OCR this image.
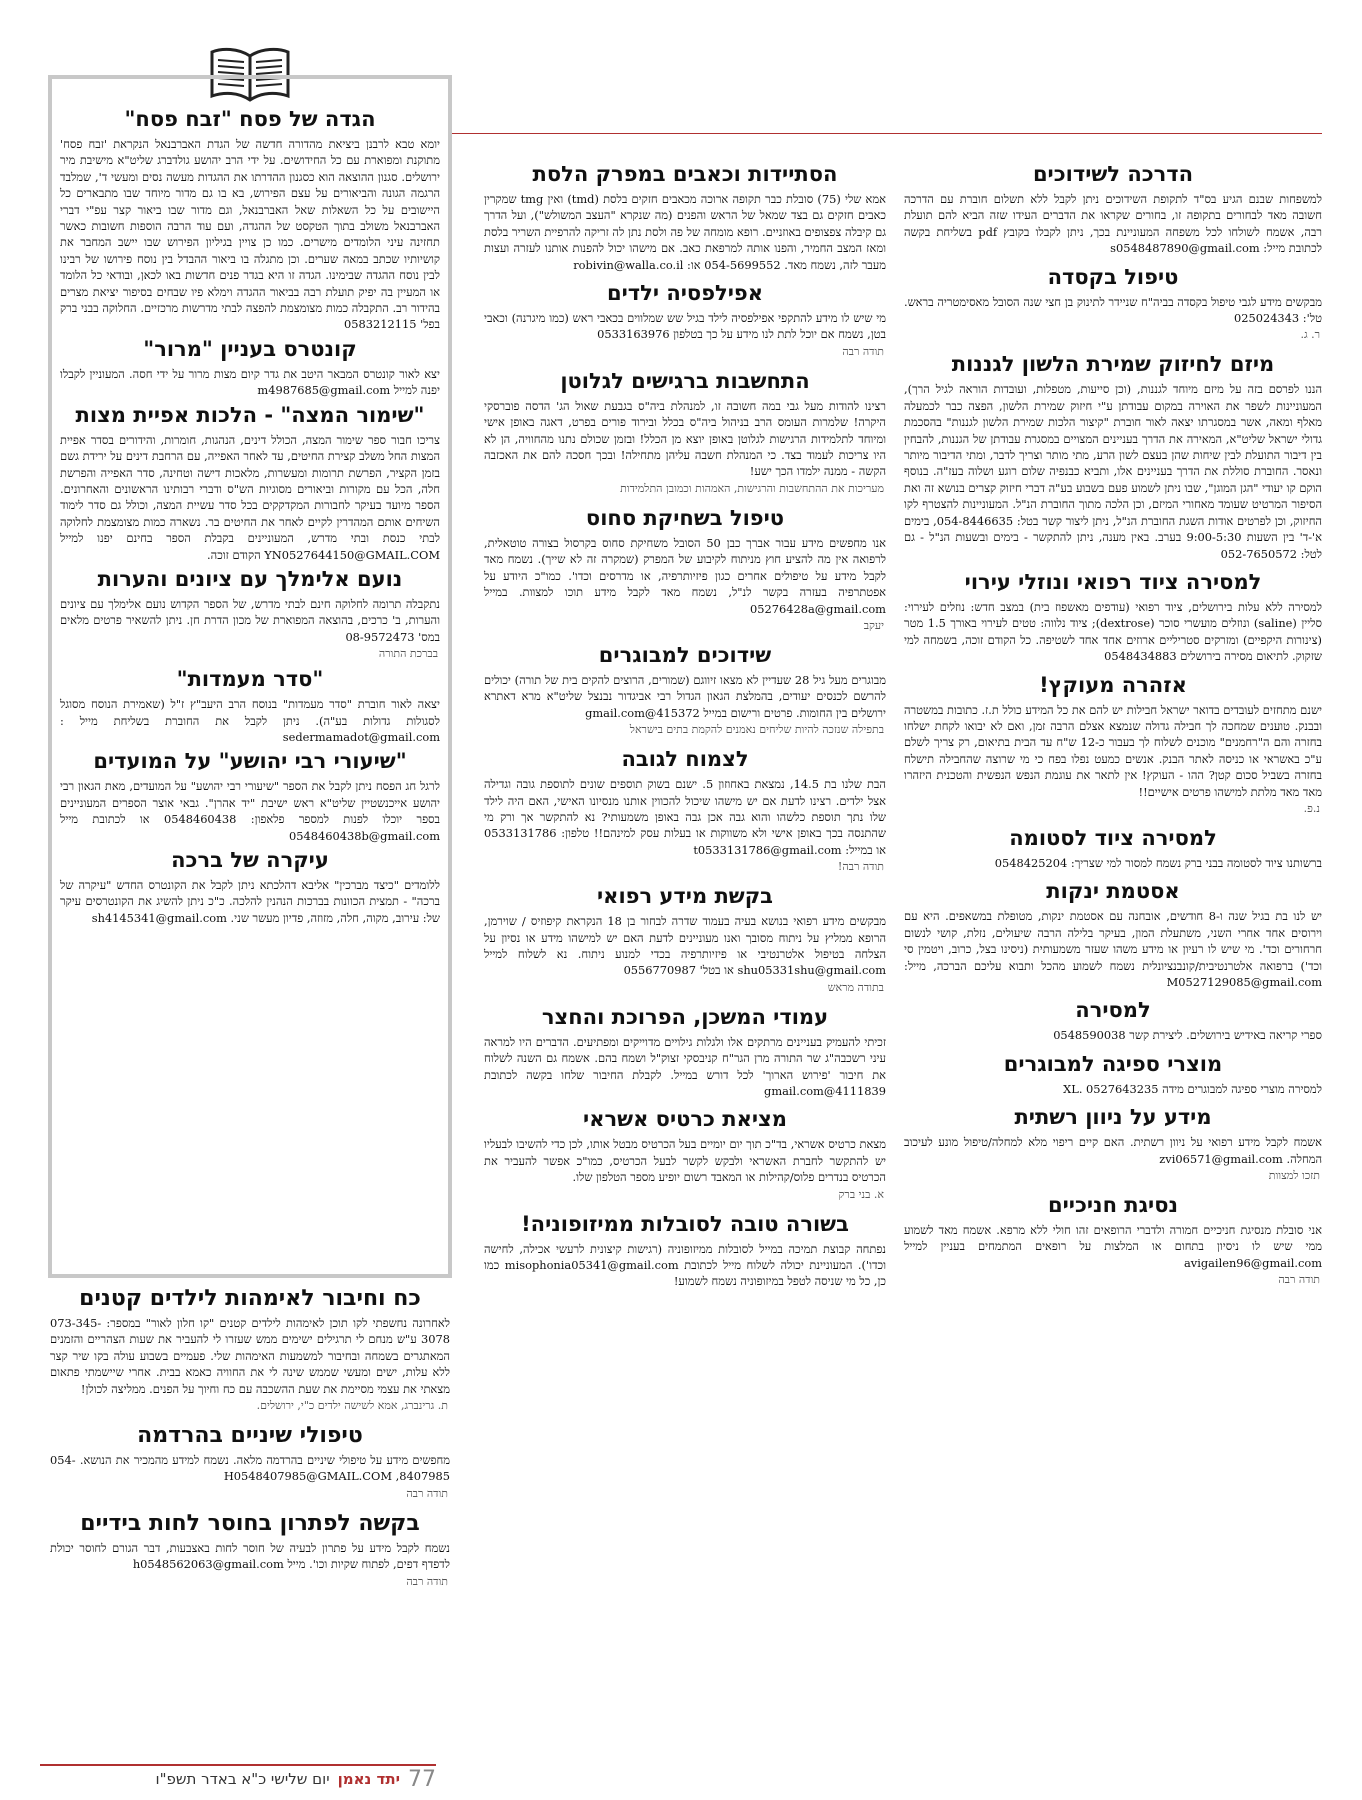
הגדה של פסח "זבח פסח"

יומא טבא לרבנן ביציאת מהדורה חדשה של הגדת האברבנאל הנקראת 'זבח פסח' מתוקנת ומפוארת עם כל החידושים. על ידי הרב יהושע גולדברג שליט"א מישיבת מיר ירושלים. סגנון ההוצאה הוא כסגנון ההדרתו את ההגדות מעשה נסים ומעשי ד', שמלבד הרגמה הגונה והביאורים על עצם הפירוש, בא בו גם מדור מיוחד שבו מתבארים כל היישובים על כל השאלות שאל האברבנאל, וגם מדור שבו ביאור קצר עפ"י דברי האברבנאל משולב בתוך הטקסט של ההגדה, ועם עוד הרבה הוספות חשובות כאשר תחזינה עיני הלומדים מישרים. כמו כן צויין בגיליון הפירוש שבו יישב המחבר את קושיותיו שכתב במאה שערים. וכן מתגלה בו ביאור ההבדל בין נוסח פירושו של רבינו לבין נוסח ההגדה שבימינו. הגדה זו היא בגדר פנים חדשות באו לכאן, ובודאי כל הלומד או המעיין בה יפיק תועלת רבה בביאור ההגדה וימלא פיו שבחים בסיפור יציאת מצרים בהידור רב. התקבלה כמות מצומצמת להפצה לבתי מדרשות מרכזיים. החלוקה בבני ברק בפל' 0583212115

קונטרס בעניין "מרור"

יצא לאור קונטרס המבאר היטב את גדר קיום מצות מרור על ידי חסה. המעוניין לקבלו יפנה למייל m4987685@gmail.com

"שימור המצה" - הלכות אפיית מצות

צריכו חבור ספר שימור המצה, הכולל דינים, הנהגות, חומרות, והידורים בסדר אפיית המצות החל משלב קצירת החיטים, עד לאחר האפייה, עם הרחבת דינים על ירידת גשם בזמן הקציר, הפרשת תרומות ומעשרות, מלאכות דישה וטחינה, סדר האפייה והפרשת חלה, הכל עם מקורות וביאורים מסוגיות הש"ס ודברי רבותינו הראשונים והאחרונים. הספר מיועד בעיקר לחבורות המקדקקים בכל סדר עשיית המצה, וכולל גם סדר לימוד השיחים אותם המהדרין לקיים לאחר את החיטים בר. נשארה כמות מצומצמת לחלוקה לבתי כנסת ובתי מדרש, המעוניינים בקבלת הספר בחינם יפנו למייל YN0527644150@GMAIL.COM הקודם זוכה.

נועם אלימלך עם ציונים והערות

נתקבלה תרומה לחלוקה חינם לבתי מדרש, של הספר הקדוש נועם אלימלך עם ציונים והערות, ב' כרכים, בהוצאה המפוארת של מכון הדרת חן. ניתן להשאיר פרטים מלאים במס' 08-9572473

בברכת התורה
"סדר מעמדות"

יצאה לאור חוברת "סדר מעמדות" בנוסח הרב היעב"ץ ז"ל (שאמירת הנוסח מסוגל לסגולות גדולות בע"ה). ניתן לקבל את החוברת בשליחת מייל : sedermamadot@gmail.com

"שיעורי רבי יהושע" על המועדים

לרגל חג הפסח ניתן לקבל את הספר "שיעורי רבי יהושע" על המועדים, מאת הגאון רבי יהושע אייכנשטיין שליט"א ראש ישיבת "יד אהרן". גבאי אוצר הספרים המעוניינים בספר יוכלו לפנות למספר פלאפון: 0548460438 או לכתובת מייל 0548460438b@gmail.com

עיקרה של ברכה

ללומדים "כיצד מברכין" אליבא דהלכתא ניתן לקבל את הקונטרס החדש "עיקרה של ברכה" - תמצית הכוונות בברכות הנהנין להלכה. כ"כ ניתן להשיג את הקונטרסים עיקר של: עירוב, מקוה, חלה, מזוזה, פדיון מעשר שני. sh4145341@gmail.com

כח וחיבור לאימהות לילדים קטנים

לאחרונה נחשפתי לקו תוכן לאימהות לילדים קטנים "קו חלון לאור" במספר: 073-345-3078 ע"ש מנחם לי תרגילים ישימים ממש שעזרו לי להעביר את שעות הצהריים והזמנים המאתגרים בשמחה ובחיבור למשמעות האימהות שלי. פעמיים בשבוע עולה בקו שיר קצר ללא עלות, ישים ומעשי שממש שינה לי את החוויה כאמא בבית. אחרי שיישמתי פתאום מצאתי את עצמי מסיימת את שעת ההשכבה עם כח וחיוך על הפנים. ממליצה לכולן!

ת. גרינברג, אמא לשישה ילדים כ"י, ירושלים.
טיפולי שיניים בהרדמה

מחפשים מידע על טיפולי שיניים בהרדמה מלאה. נשמח למידע מהמכיר את הנושא. 054-8407985, H0548407985@GMAIL.COM

תודה רבה
בקשה לפתרון בחוסר לחות בידיים

נשמח לקבל מידע על פתרון לבעיה של חוסר לחות באצבעות, דבר הגורם לחוסר יכולת לדפדף דפים, לפתוח שקיות וכו'. מייל h0548562063@gmail.com

תודה רבה
הסתיידות וכאבים במפרק הלסת

אמא שלי (75) סובלת כבר תקופה ארוכה מכאבים חזקים בלסת (tmd) ואין tmg שמקרין כאבים חזקים גם בצד שמאל של הראש והפנים (מה שנקרא "העצב המשולש"), ועל הדרך גם קיבלה צפצופים באוזניים. רופא מומחה של פה ולסת נתן לה זריקה להרפיית השריר בלסת ומאז המצב החמיר, והפנו אותה למרפאת כאב. אם מישהו יכול להפנות אותנו לעזרה ועצות מעבר לזה, נשמח מאד. 054-5699552 או: robivin@walla.co.il

אפילפסיה ילדים

מי שיש לו מידע להתקפי אפילפסיה לילד בגיל שש שמלווים בכאבי ראש (כמו מיגרנה) וכאבי בטן, נשמח אם יוכל לתת לנו מידע על כך בטלפון 0533163976

תודה רבה
התחשבות ברגישים לגלוטן

רצינו להודות מעל גבי במה חשובה זו, למנהלת ביה"ס בגבעת שאול הג' הדסה פוברסקי היקרה! שלמרות העומס הרב בניהול ביה"ס בכלל ובירוד פורים בפרט, דאגה באופן אישי ומיוחד לתלמידות הרגישות לגלוטן באופן יוצא מן הכלל! ובזמן שכולם נתנו מהחוויה, הן לא היו צריכות לעמוד בצד. כי המנהלת חשבה עליהן מתחילה! ובכך חסכה להם את האכזבה הקשה - ממנה ילמדו הכך ישע!

מעריכות את ההתחשבות והרגישות, האמהות וכמובן התלמידות
טיפול בשחיקת סחוס

אנו מחפשים מידע עבור אברך כבן 50 הסובל משחיקת סחוס בקרסול בצורה טוטאלית, לרפואה אין מה להציע חוץ מניתוח לקיבוע של המפרק (שמקרה זה לא שייך). נשמח מאד לקבל מידע על טיפולים אחרים כגון פיזיותרפיה, או מדרסים וכדו'. כמו"כ היודע על אפטתרפיה בעזרה בקשר לנ"ל, נשמח מאד לקבל מידע תוכו למצוות. במייל 05276428a@gmail.com

יעקב
שידוכים למבוגרים

מבוגרים מעל גיל 28 שעדיין לא מצאו זיווגם (שמורים, הרוצים להקים בית של תורה) יכולים להרשם לכנסים יעודים, בהמלצת הגאון הגדול רבי אביגדור נבנצל שליט"א מרא דאתרא ירושלים בין החומות. פרטים ורישום במייל 415372@gmail.com

בתפילה שנזכה להיות שליחים נאמנים להקמת בתים בישראל
לצמוח לגובה

הבת שלנו בת 14.5, נמצאת באחוזון 5. ישנם בשוק תוספים שונים לתוספת גובה וגדילה אצל ילדים. רצינו לדעת אם יש מישהו שיכול להכווין אותנו מנסיונו האישי, האם היה לילד שלו נתך תוספת כלשהו והוא גבה אכן גבה באופן משמעותי? נא להתקשר אך ורק מי שהתנסה בכך באופן אישי ולא משווקות או בעלות עסק למינהם!! טלפון: 0533131786 או במייל: t0533131786@gmail.com

תודה רבה!
בקשת מידע רפואי

מבקשים מידע רפואי בנושא בעיה בעמוד שדרה לבחור בן 18 הנקראת קיפוזיס / שוירמן, הרופא ממליץ על ניתוח מסובך ואנו מעוניינים לדעת האם יש למישהו מידע או נסיון על הצלחה בטיפול אלטרנטיבי או פיזיותרפיה בכדי למנוע ניתוח. נא לשלוח למייל shu05331shu@gmail.com או בטל' 0556770987

בתודה מראש
עמודי המשכן, הפרוכת והחצר

זכיתי להעמיק בעניינים מרתקים אלו ולגלות גילויים מדוייקים ומפתיעים. הדברים היו למראה עיני רשכבה"ג שר התורה מרן הגר"ח קניבסקי זצוק"ל ושמח בהם. אשמח גם השנה לשלוח את חיבור 'פירוש הארוך' לכל דורש במייל. לקבלת החיבור שלחו בקשה לכתובת 4111839@gmail.com

מציאת כרטיס אשראי

מצאת כרטיס אשראי, בד"כ תוך יום יומיים בעל הכרטיס מבטל אותו, לכן כדי להשיבו לבעליו יש להתקשר לחברת האשראי ולבקש לקשר לבעל הכרטיס, כמו"כ אפשר להעביר את הכרטיס בנדרים פלוס/קהילות או המאבד רשום יופיע מספר הטלפון שלו.

א. בני ברק
בשורה טובה לסובלות ממיזופוניה!

נפתחה קבוצת תמיכה במייל לסובלות ממיזופוניה (רגישות קיצונית לרעשי אכילה, לחישה וכדו'). המעוניינת יכולה לשלוח מייל לכתובת misophonia05341@gmail.com כמו כן, כל מי שניסה לטפל במיזופוניה נשמח לשמוע!

הדרכה לשידוכים

למשפחות שבנם הגיע בס"ד לתקופת השידוכים ניתן לקבל ללא תשלום חוברת עם הדרכה חשובה מאד לבחורים בתקופה זו, בחורים שקראו את הדברים העידו שזה הביא להם תועלת רבה, אשמח לשולחו לכל משפחה המעוניינת בכך, ניתן לקבלו בקובץ pdf בשליחת בקשה לכתובת מייל: s0548487890@gmail.com

טיפול בקסדה

מבקשים מידע לגבי טיפול בקסדה בביה"ח שניידר לתינוק בן חצי שנה הסובל מאסימטריה בראש. טל': 025024343

ר. ג.
מיזם לחיזוק שמירת הלשון לגננות

הננו לפרסם בזה על מיזם מיוחד לגננות, (וכן סייעות, מטפלות, ועובדות הוראה לגיל הרך), המעוניינות לשפר את האוירה במקום עבודתן ע"י חיזוק שמירת הלשון, הפצה כבר לכמעלה מאלף ומאה, אשר במסגרתו יצאה לאור חוברת "קיצור הלכות שמירת הלשון לגננות" בהסכמת גדולי ישראל שליט"א, המאירה את הדרך בעניינים המצויים במסגרת עבודתן של הגננות, להבחין בין דיבור התועלת לבין שיחות שהן בעצם לשון הרע, מתי מותר וצריך לדבר, ומתי הדיבור מיותר ונאסר. החוברת סוללת את הדרך בעניינים אלו, ותביא כבנפיה שלום רוגע ושלוה בעז"ה. בנוסף הוקם קו יעודי "הגן המוגן", שבו ניתן לשמוע פעם בשבוע בע"ה דברי חיזוק קצרים בנושא זה ואת הסיפור המרטיט שעומד מאחורי המיזם, וכן הלכה מתוך החוברת הנ"ל. המעוניינות להצטרף לקו החיזוק, וכן לפרטים אודות השגת החוברת הנ"ל, ניתן ליצור קשר בטל: 054-8446635, בימים א'-ד' בין השעות 9:00-5:30 בערב. באין מענה, ניתן להתקשר - בימים ובשעות הנ"ל - גם לטל: 052-7650572

למסירה ציוד רפואי ונוזלי עירוי

למסירה ללא עלות בירושלים, ציוד רפואי (עודפים מאשפוז בית) במצב חדש: נוזלים לעירוי: סליין (saline) ונוזלים מועשרי סוכר (dextrose); ציוד נלווה: טטים לעירוי באורך 1.5 מטר (צינורות היקפיים) ומזרקים סטריליים ארוזים אחד אחד לשטיפה. כל הקודם זוכה, בשמחה למי שזקוק. לתיאום מסירה בירושלים 0548434883

אזהרה מעוקץ!

ישנם מתחזים לעובדים בדואר ישראל חבילות יש להם את כל המידע כולל ת.ז. כתובות במשטרה ובבנק. טוענים שמחכה לך חבילה גדולה שנמצא אצלם הרבה זמן, ואם לא יבואו לקחת ישלחו בחזרה והם ה"רחמנים" מוכנים לשלוח לך בעבור כ-12 ש"ח עד הבית בתיאום, רק צריך לשלם ע"כ באשראי או כניסה לאתר הבנק. אנשים כמעט נפלו בפח כי מי שרוצה שהחבילה תישלח בחזרה בשביל סכום קטן? ההו - העוקץ! אין לתאר את עוגמת הנפש הנפשית והטכנית היזהרו מאד מאד מלתת למישהו פרטים אישיים!!

נ.פ.
למסירה ציוד לסטומה

ברשותנו ציוד לסטומה בבני ברק נשמח למסור למי שצריך: 0548425204

אסטמת ינקות

יש לנו בת בגיל שנה ו-8 חודשים, אובחנה עם אסטמת ינקות, מטופלת במשאפים. היא עם וירוסים אחד אחרי השני, משתעלת המון, בעיקר בלילה הרבה שיעולים, נזלת, קושי לנשום חרחורים וכד'. מי שיש לו רעיון או מידע משהו שעזר משמעותית (ניסינו בצל, כרוב, ויטמין סי וכד') ברפואה אלטרנטיבית/קונבנציונלית נשמח לשמוע מהכל ותבוא עליכם הברכה, מייל: M0527129085@gmail.com

למסירה

ספרי קריאה באידיש בירושלים. ליצירת קשר 0548590038

מוצרי ספיגה למבוגרים

למסירה מוצרי ספיגה למבוגרים מידה XL. 0527643235

מידע על ניוון רשתית

אשמח לקבל מידע רפואי על ניוון רשתית. האם קיים ריפוי מלא למחלה/טיפול מונע לעיכוב המחלה. zvi06571@gmail.com

תזכו למצוות
נסיגת חניכיים

אני סובלת מנסיגת חניכיים חמורה ולדברי הרופאים זהו חולי ללא מרפא. אשמח מאד לשמוע ממי שיש לו ניסיון בתחום או המלצות על רופאים המתמחים בעניין למייל avigailen96@gmail.com

תודה רבה
77
יתד נאמן
יום שלישי כ"א באדר תשפ"ו
